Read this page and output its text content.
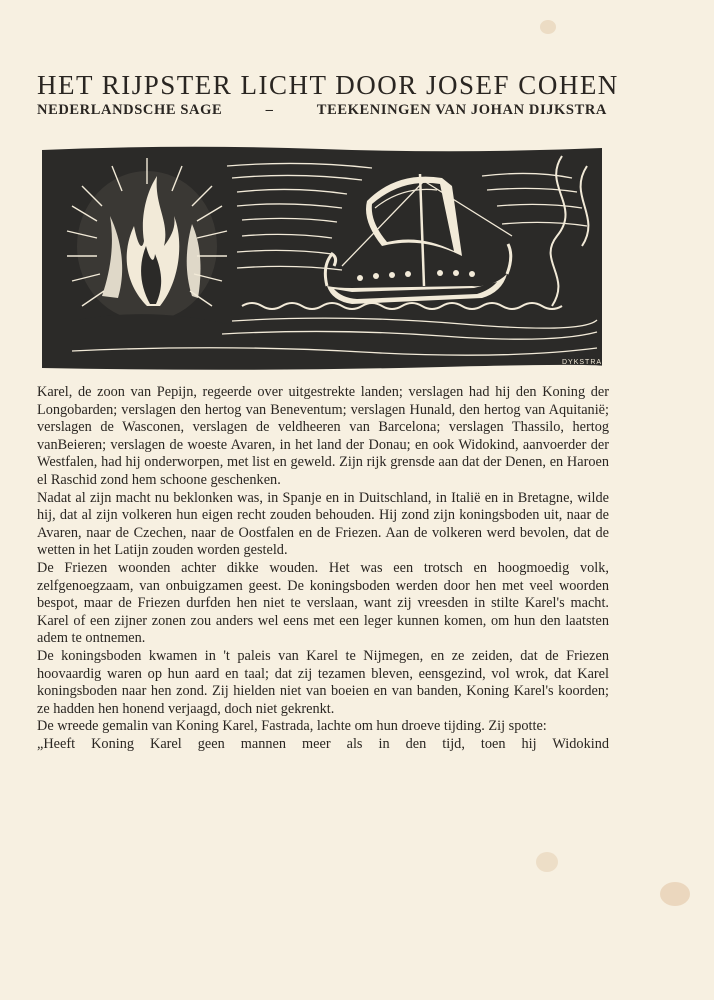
HET RIJPSTER LICHT DOOR JOSEF COHEN
NEDERLANDSCHE SAGE	–	TEEKENINGEN VAN JOHAN DIJKSTRA
DYKSTRA

Karel, de zoon van Pepijn, regeerde over uitgestrekte landen; verslagen had hij den Koning der Longobarden; verslagen den hertog van Beneventum; verslagen Hunald, den hertog van Aquitanië; verslagen de Wasconen, verslagen de veldheeren van Barcelona; verslagen Thassilo, hertog vanBeieren; verslagen de woeste Avaren, in het land der Donau; en ook Widokind, aanvoerder der Westfalen, had hij onderworpen, met list en geweld. Zijn rijk grensde aan dat der Denen, en Haroen el Raschid zond hem schoone geschenken.

Nadat al zijn macht nu beklonken was, in Spanje en in Duitschland, in Italië en in Bretagne, wilde hij, dat al zijn volkeren hun eigen recht zouden behouden. Hij zond zijn koningsboden uit, naar de Avaren, naar de Czechen, naar de Oostfalen en de Friezen. Aan de volkeren werd bevolen, dat de wetten in het Latijn zouden worden gesteld.

De Friezen woonden achter dikke wouden. Het was een trotsch en hoogmoedig volk, zelfgenoegzaam, van onbuigzamen geest. De koningsboden werden door hen met veel woorden bespot, maar de Friezen durfden hen niet te verslaan, want zij vreesden in stilte Karel's macht. Karel of een zijner zonen zou anders wel eens met een leger kunnen komen, om hun den laatsten adem te ontnemen.

De koningsboden kwamen in 't paleis van Karel te Nijmegen, en ze zeiden, dat de Friezen hoovaardig waren op hun aard en taal; dat zij tezamen bleven, eensgezind, vol wrok, dat Karel koningsboden naar hen zond. Zij hielden niet van boeien en van banden, Koning Karel's koorden; ze hadden hen honend verjaagd, doch niet gekrenkt.

De wreede gemalin van Koning Karel, Fastrada, lachte om hun droeve tijding. Zij spotte:

„Heeft Koning Karel geen mannen meer als in den tijd, toen hij Widokind
